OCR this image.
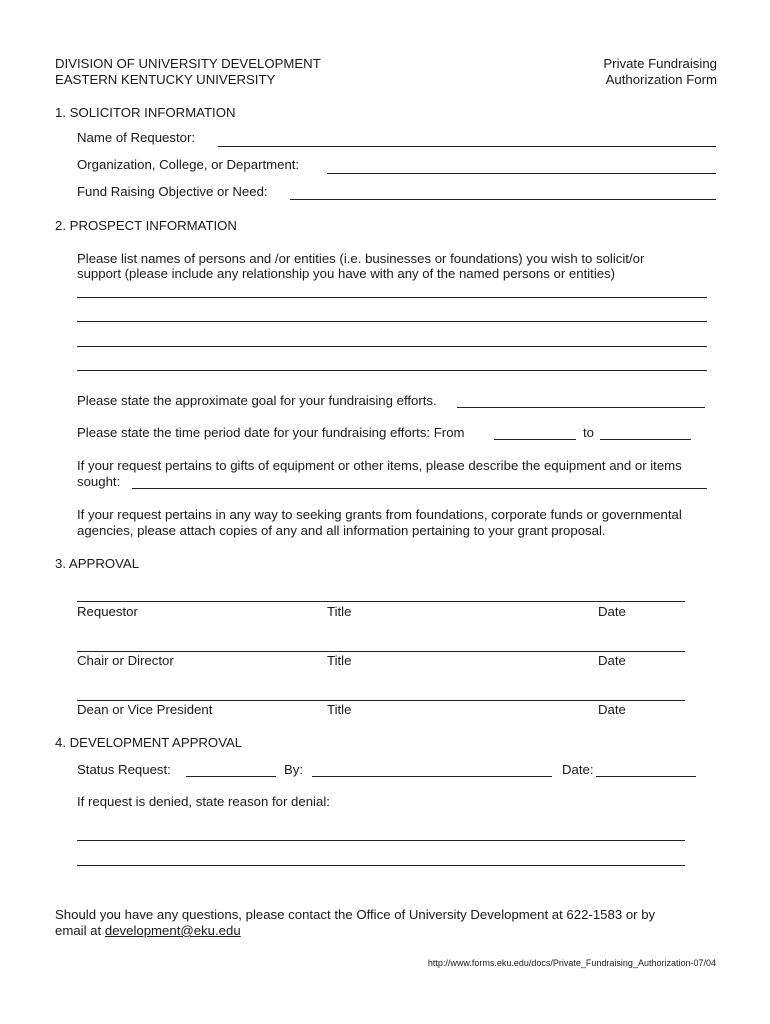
DIVISION OF UNIVERSITY DEVELOPMENT
EASTERN KENTUCKY UNIVERSITY
Private Fundraising
Authorization Form
1. SOLICITOR INFORMATION
Name of Requestor:
Organization, College, or Department:
Fund Raising Objective or Need:
2. PROSPECT INFORMATION
Please list names of persons and /or entities (i.e. businesses or foundations) you wish to solicit/or
support (please include any relationship you have with any of the named persons or entities)
Please state the approximate goal for your fundraising efforts.
Please state the time period date for your fundraising efforts: From	to
If your request pertains to gifts of equipment or other items, please describe the equipment and or items
sought:
If your request pertains in any way to seeking grants from foundations, corporate funds or governmental
agencies, please attach copies of any and all information pertaining to your grant proposal.
3. APPROVAL
Requestor	Title	Date
Chair or Director	Title	Date
Dean or Vice President	Title	Date
4. DEVELOPMENT APPROVAL
Status Request:	By:	Date:
If request is denied, state reason for denial:
Should you have any questions, please contact the Office of University Development at 622-1583 or by
email at development@eku.edu
http://www.forms.eku.edu/docs/Private_Fundraising_Authorization-07/04
